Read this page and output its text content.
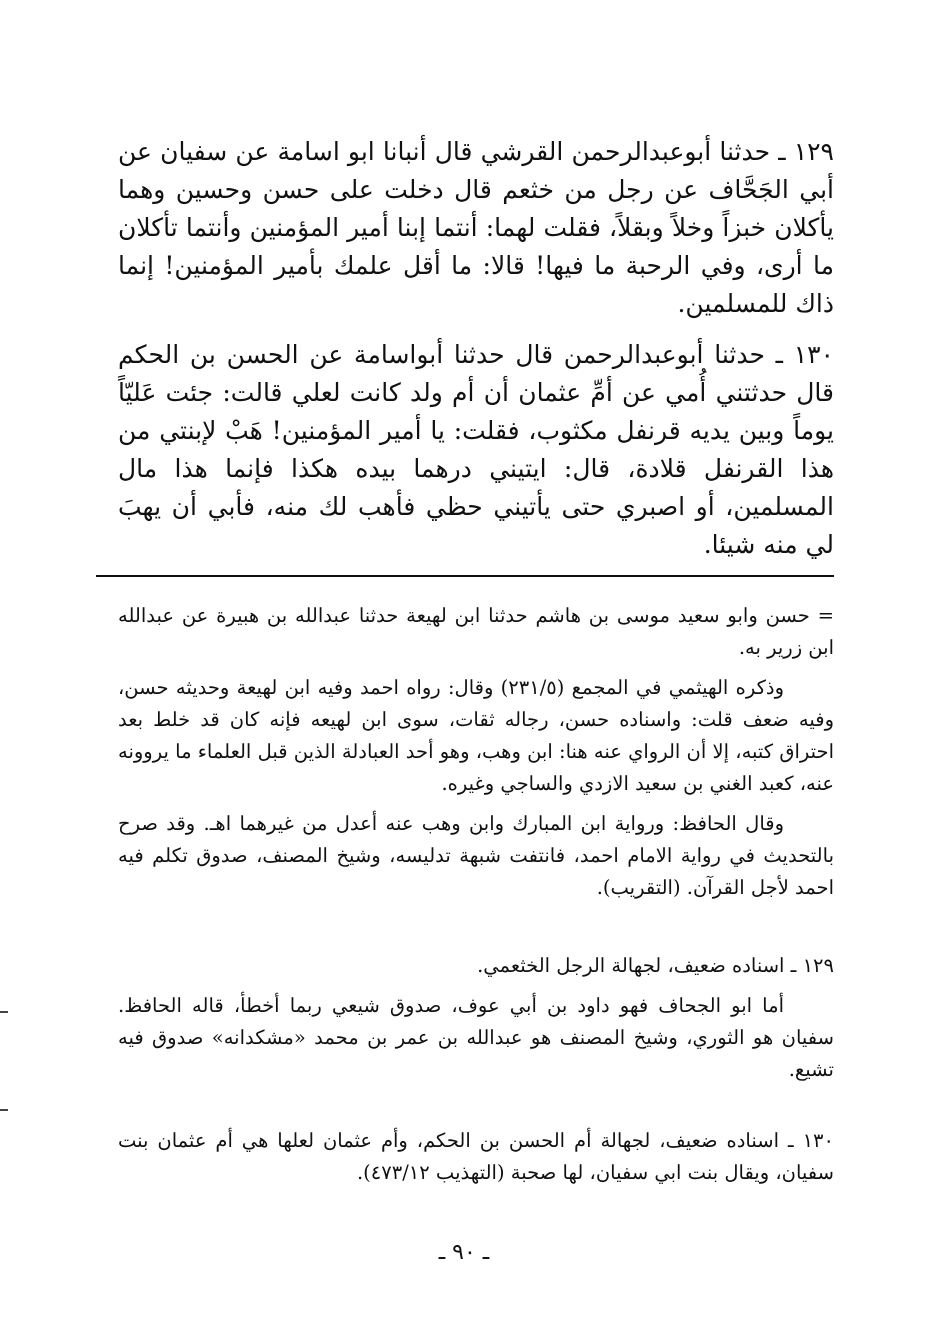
١٢٩ ـ حدثنا أبوعبدالرحمن القرشي قال أنبانا ابو اسامة عن سفيان عن أبي الجَحَّاف عن رجل من خثعم قال دخلت على حسن وحسين وهما يأكلان خبزاً وخلاً وبقلاً، فقلت لهما: أنتما إبنا أمير المؤمنين وأنتما تأكلان ما أرى، وفي الرحبة ما فيها! قالا: ما أقل علمك بأمير المؤمنين! إنما ذاك للمسلمين.

١٣٠ ـ حدثنا أبوعبدالرحمن قال حدثنا أبواسامة عن الحسن بن الحكم قال حدثتني أُمي عن أمِّ عثمان أن أم ولد كانت لعلي قالت: جئت عَليّاً يوماً وبين يديه قرنفل مكثوب، فقلت: يا أمير المؤمنين! هَبْ لإبنتي من هذا القرنفل قلادة، قال: ايتيني درهما بيده هكذا فإنما هذا مال المسلمين، أو اصبري حتى يأتيني حظي فأهب لك منه، فأبي أن يهبَ لي منه شيئا.

= حسن وابو سعيد موسى بن هاشم حدثنا ابن لهيعة حدثنا عبدالله بن هبيرة عن عبدالله ابن زرير به.

وذكره الهيثمي في المجمع (٢٣١/٥) وقال: رواه احمد وفيه ابن لهيعة وحديثه حسن، وفيه ضعف قلت: واسناده حسن، رجاله ثقات، سوى ابن لهيعه فإنه كان قد خلط بعد احتراق كتبه، إلا أن الرواي عنه هنا: ابن وهب، وهو أحد العبادلة الذين قبل العلماء ما يروونه عنه، كعبد الغني بن سعيد الازدي والساجي وغيره.

وقال الحافظ: ورواية ابن المبارك وابن وهب عنه أعدل من غيرهما اهـ. وقد صرح بالتحديث في رواية الامام احمد، فانتفت شبهة تدليسه، وشيخ المصنف، صدوق تكلم فيه احمد لأجل القرآن. (التقريب).

١٢٩ ـ اسناده ضعيف، لجهالة الرجل الخثعمي.

أما ابو الجحاف فهو داود بن أبي عوف، صدوق شيعي ربما أخطأ، قاله الحافظ. سفيان هو الثوري، وشيخ المصنف هو عبدالله بن عمر بن محمد «مشكدانه» صدوق فيه تشيع.

١٣٠ ـ اسناده ضعيف، لجهالة أم الحسن بن الحكم، وأم عثمان لعلها هي أم عثمان بنت سفيان، ويقال بنت ابي سفيان، لها صحبة (التهذيب ٤٧٣/١٢).

ـ ٩٠ ـ
